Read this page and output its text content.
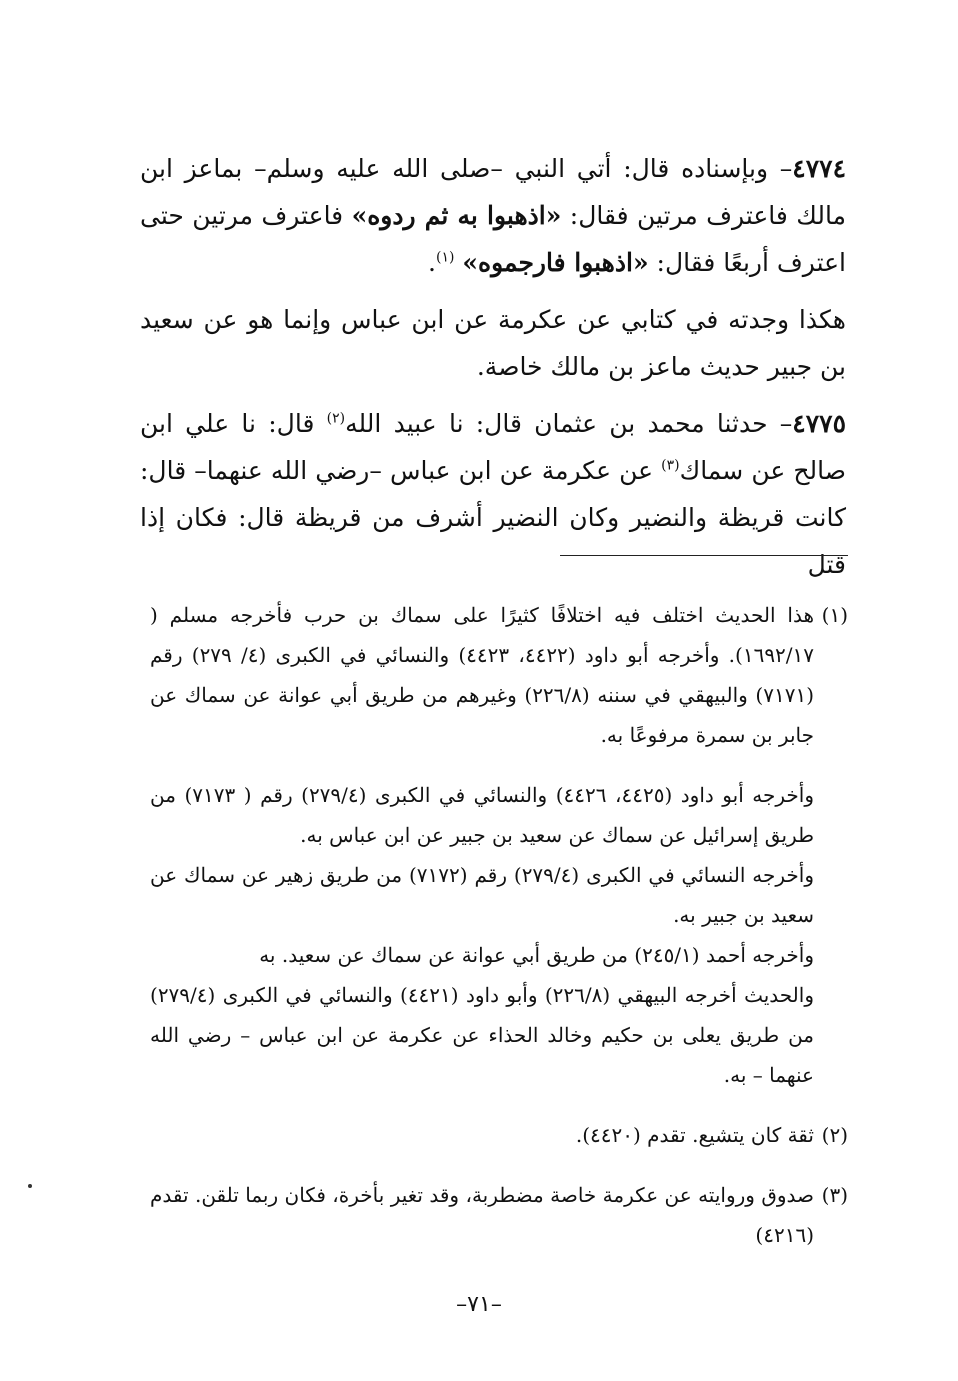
٤٧٧٤– وبإسناده قال: أتي النبي –صلى الله عليه وسلم– بماعز ابن مالك فاعترف مرتين فقال: «اذهبوا به ثم ردوه» فاعترف مرتين حتى اعترف أربعًا فقال: «اذهبوا فارجموه» $^{(١)}$.

هكذا وجدته في كتابي عن عكرمة عن ابن عباس وإنما هو عن سعيد بن جبير حديث ماعز بن مالك خاصة.

٤٧٧٥– حدثنا محمد بن عثمان قال: نا عبيد الله$^{(٢)}$ قال: نا علي ابن صالح عن سماك$^{(٣)}$ عن عكرمة عن ابن عباس –رضي الله عنهما– قال: كانت قريظة والنضير وكان النضير أشرف من قريظة قال: فكان إذا قتل

(١)

هذا الحديث اختلف فيه اختلافًا كثيرًا على سماك بن حرب فأخرجه مسلم ( ١٦٩٢/١٧). وأخرجه أبو داود (٤٤٢٢، ٤٤٢٣) والنسائي في الكبرى (٤/ ٢٧٩) رقم (٧١٧١) والبيهقي في سننه (٢٢٦/٨) وغيرهم من طريق أبي عوانة عن سماك عن جابر بن سمرة مرفوعًا به.

وأخرجه أبو داود (٤٤٢٥، ٤٤٢٦) والنسائي في الكبرى (٢٧٩/٤) رقم ( ٧١٧٣) من طريق إسرائيل عن سماك عن سعيد بن جبير عن ابن عباس به.

وأخرجه النسائي في الكبرى (٢٧٩/٤) رقم (٧١٧٢) من طريق زهير عن سماك عن سعيد بن جبير به.

وأخرجه أحمد (٢٤٥/١) من طريق أبي عوانة عن سماك عن سعيد. به

والحديث أخرجه البيهقي (٢٢٦/٨) وأبو داود (٤٤٢١) والنسائي في الكبرى (٢٧٩/٤) من طريق يعلى بن حكيم وخالد الحذاء عن عكرمة عن ابن عباس – رضي الله عنهما – به.

(٢)

ثقة كان يتشيع. تقدم (٤٤٢٠).

(٣)

صدوق وروايته عن عكرمة خاصة مضطربة، وقد تغير بأخرة، فكان ربما تلقن. تقدم (٤٢١٦)

–٧١–
